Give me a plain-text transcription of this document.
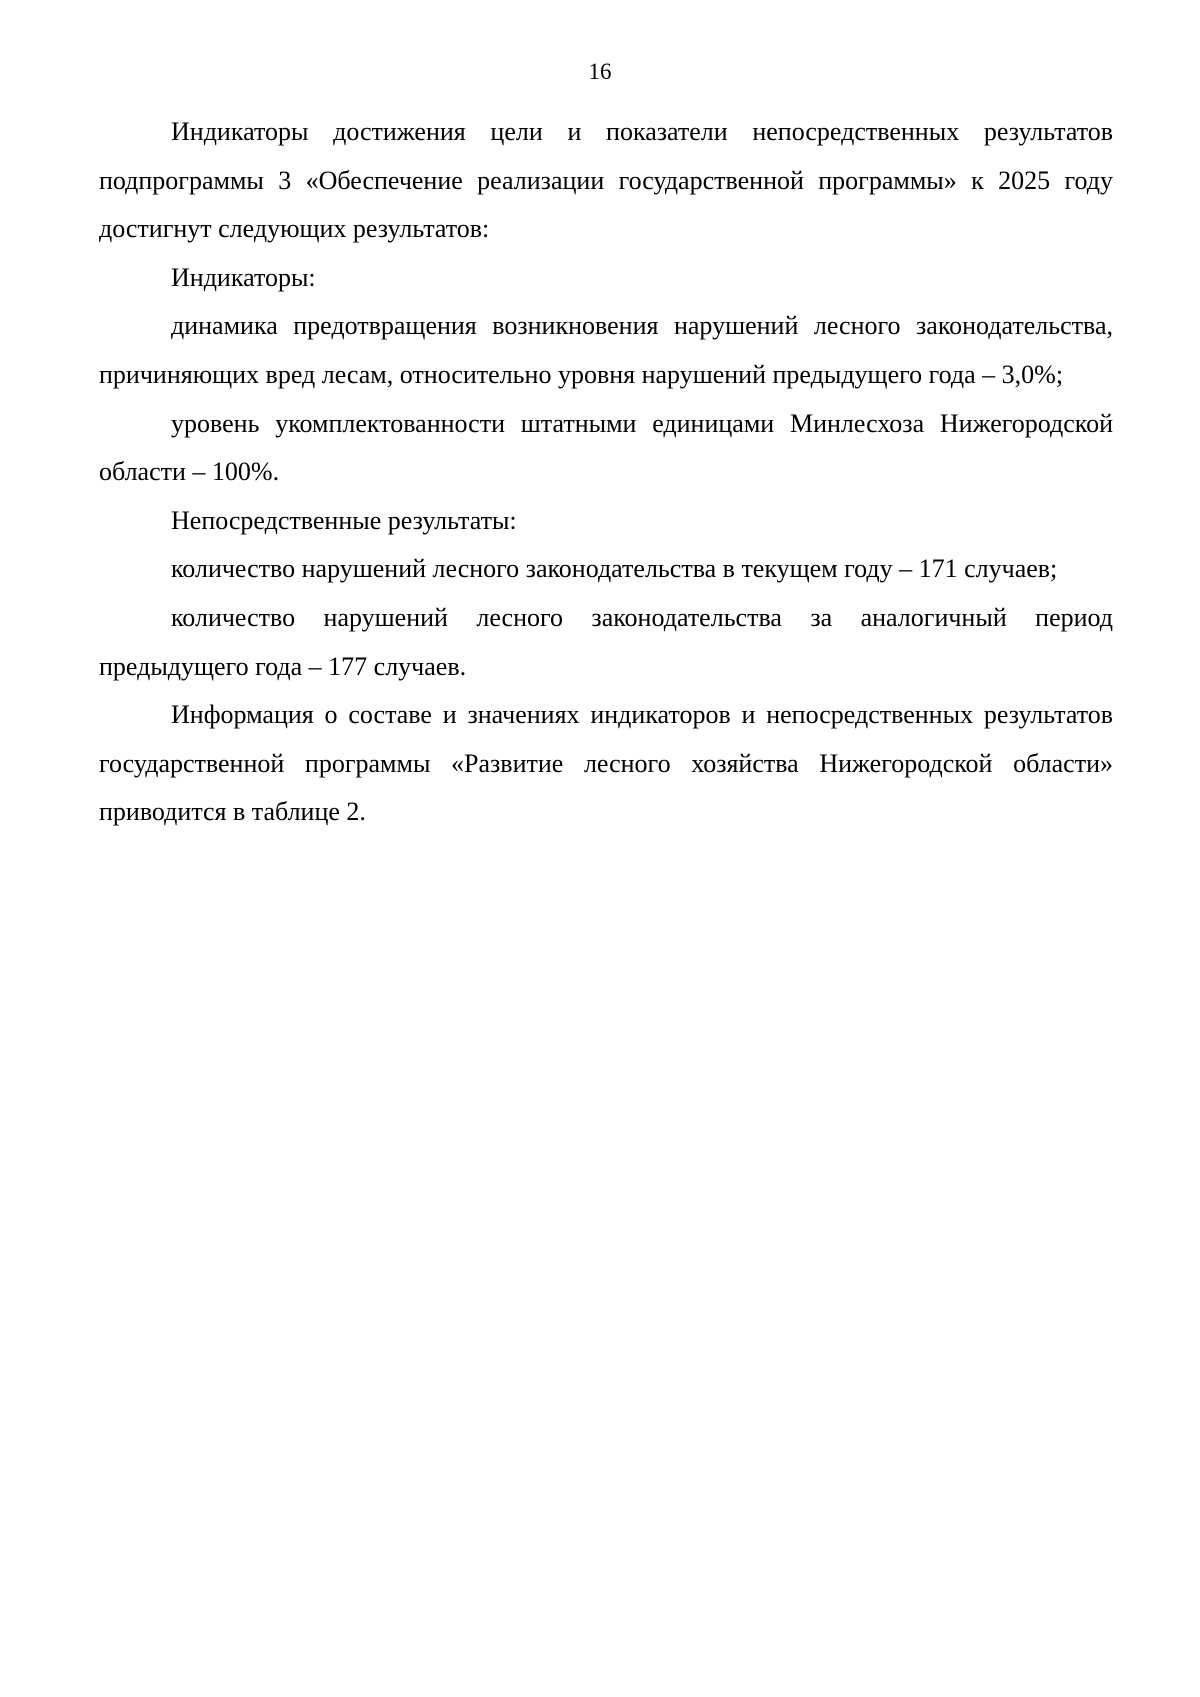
16

Индикаторы достижения цели и показатели непосредственных результатов подпрограммы 3 «Обеспечение реализации государственной программы» к 2025 году достигнут следующих результатов:

Индикаторы:

динамика предотвращения возникновения нарушений лесного законодательства, причиняющих вред лесам, относительно уровня нарушений предыдущего года – 3,0%;

уровень укомплектованности штатными единицами Минлесхоза Нижегородской области – 100%.

Непосредственные результаты:

количество нарушений лесного законодательства в текущем году – 171 случаев;

количество нарушений лесного законодательства за аналогичный период предыдущего года – 177 случаев.

Информация о составе и значениях индикаторов и непосредственных результатов государственной программы «Развитие лесного хозяйства Нижегородской области» приводится в таблице 2.
